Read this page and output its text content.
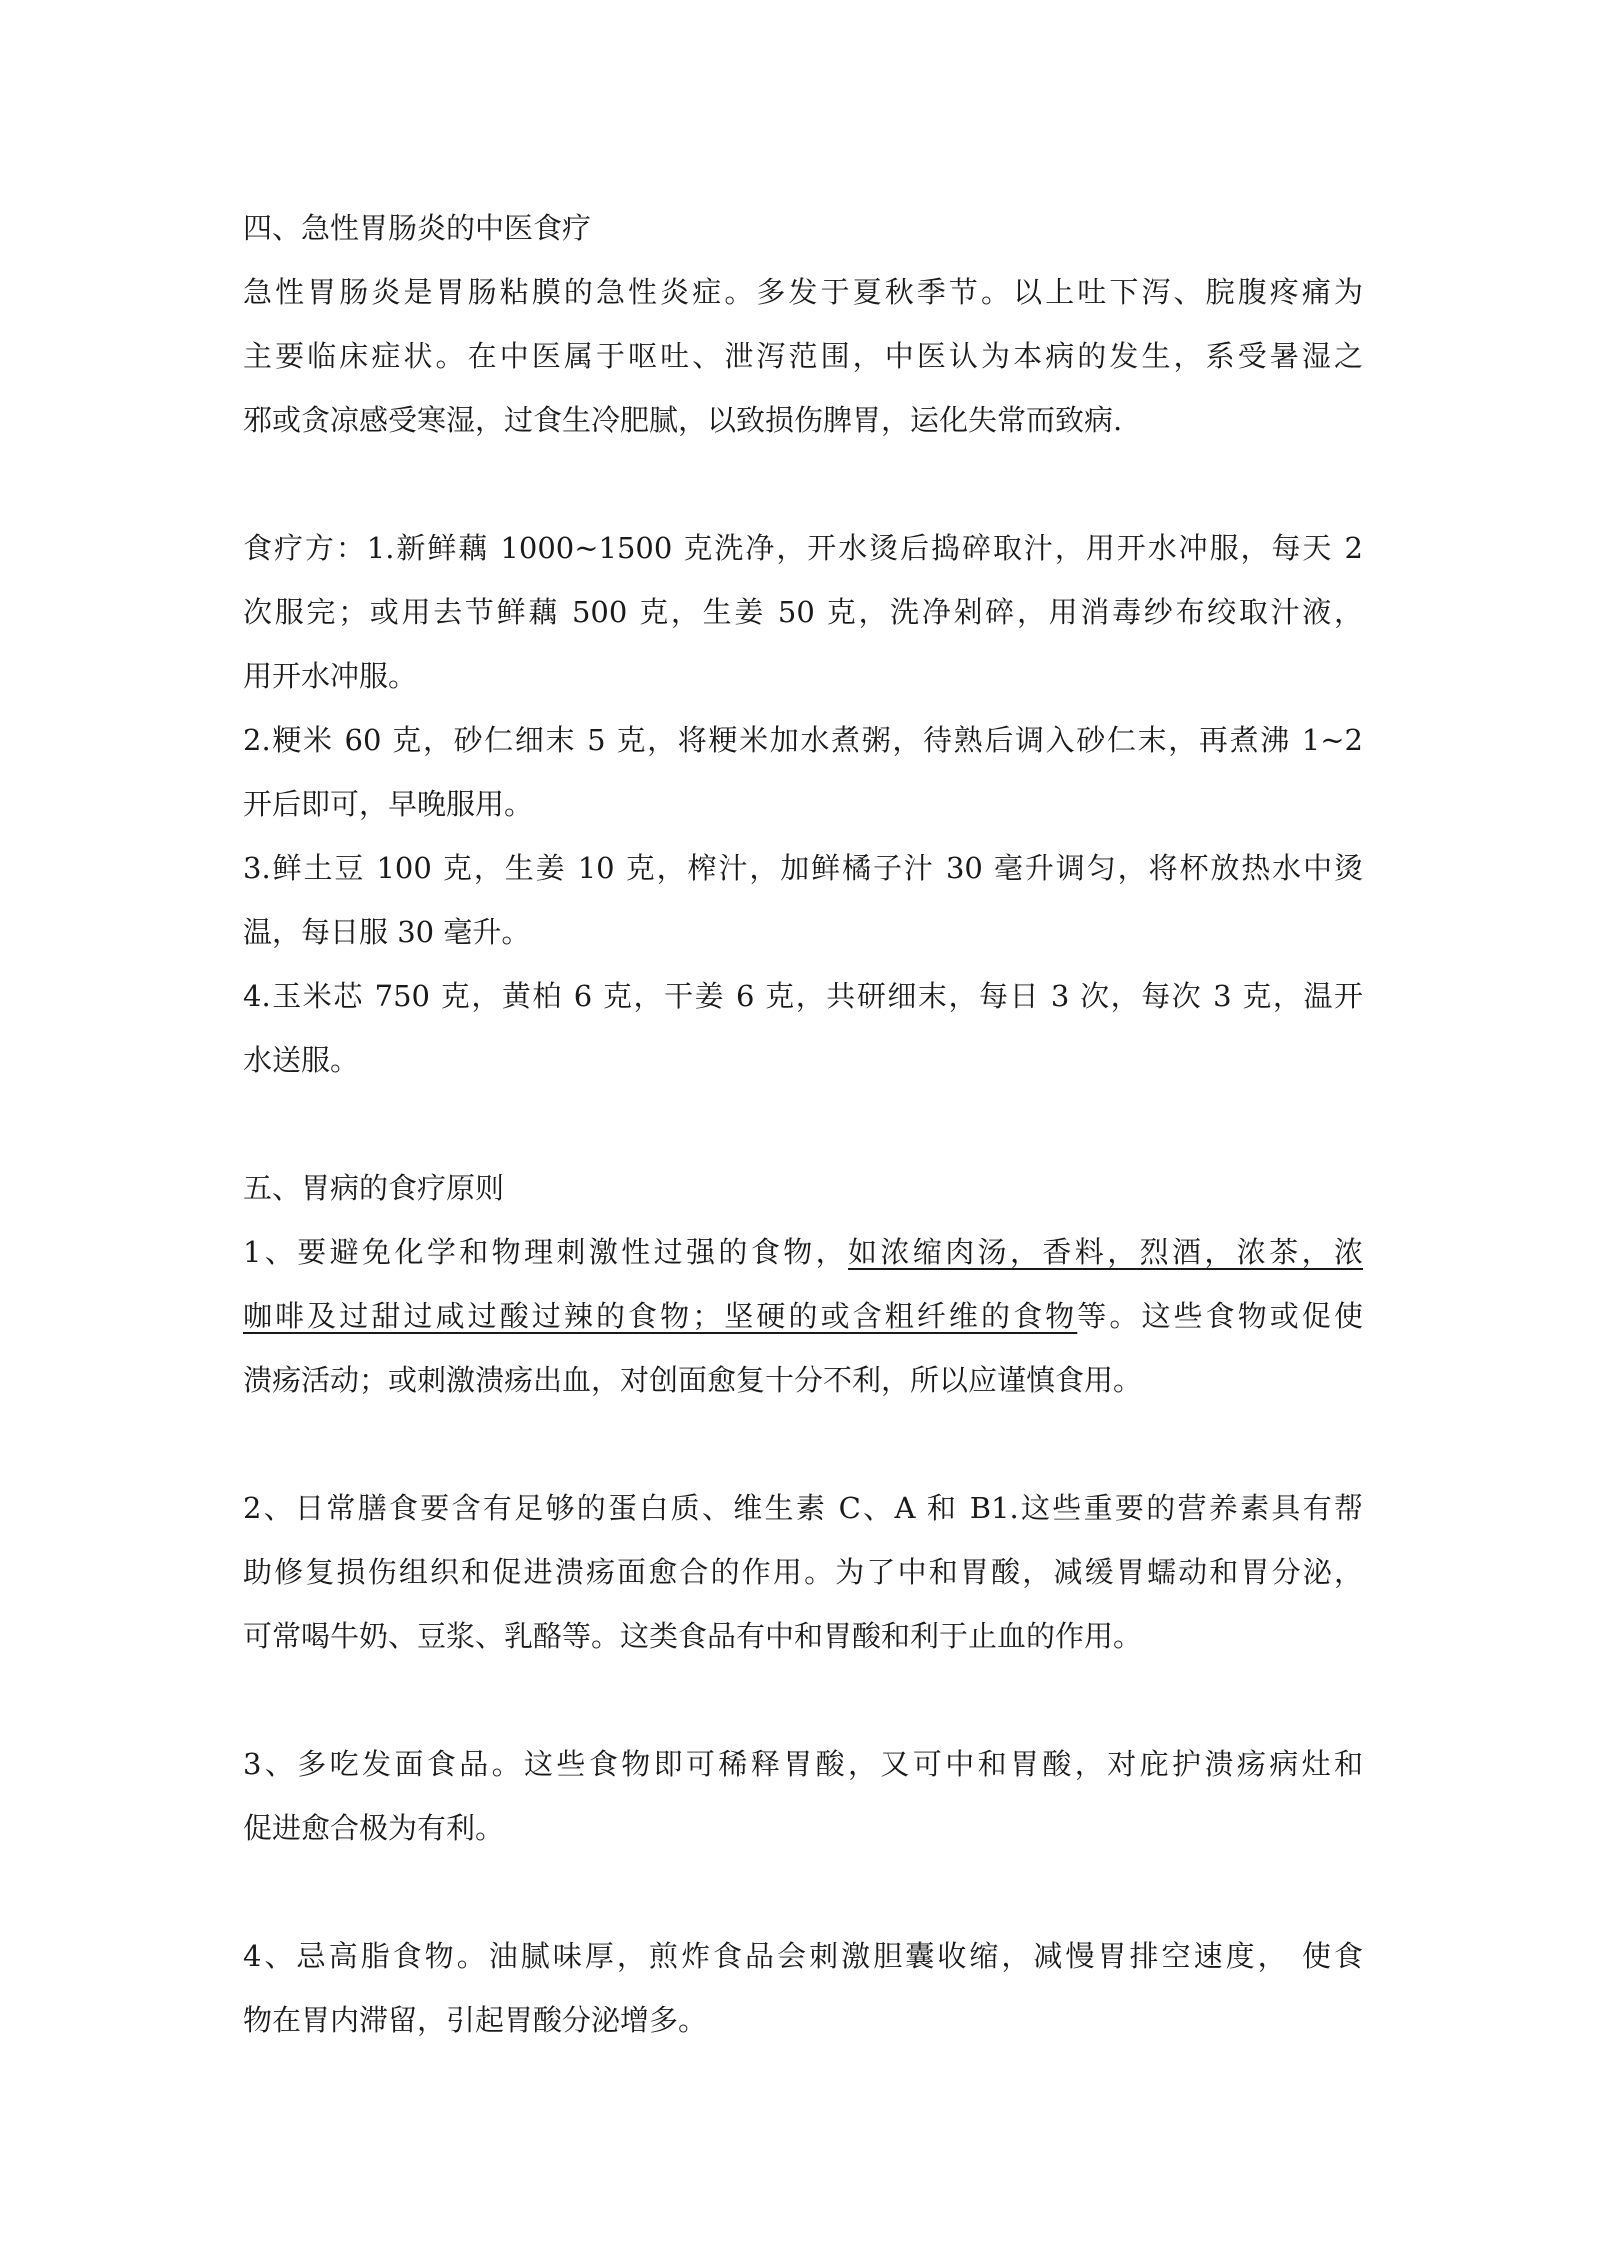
四、急性胃肠炎的中医食疗

急性胃肠炎是胃肠粘膜的急性炎症。多发于夏秋季节。以上吐下泻、脘腹疼痛为

主要临床症状。在中医属于呕吐、泄泻范围，中医认为本病的发生，系受暑湿之

邪或贪凉感受寒湿，过食生冷肥腻，以致损伤脾胃，运化失常而致病.

食疗方：1.新鲜藕 1000~1500 克洗净，开水烫后捣碎取汁，用开水冲服，每天 2

次服完；或用去节鲜藕 500 克，生姜 50 克，洗净剁碎，用消毒纱布绞取汁液，

用开水冲服。

2.粳米 60 克，砂仁细末 5 克，将粳米加水煮粥，待熟后调入砂仁末，再煮沸 1~2

开后即可，早晚服用。

3.鲜土豆 100 克，生姜 10 克，榨汁，加鲜橘子汁 30 毫升调匀，将杯放热水中烫

温，每日服 30 毫升。

4.玉米芯 750 克，黄柏 6 克，干姜 6 克，共研细末，每日 3 次，每次 3 克，温开

水送服。

五、胃病的食疗原则

1、要避免化学和物理刺激性过强的食物，如浓缩肉汤，香料，烈酒，浓茶，浓

咖啡及过甜过咸过酸过辣的食物；坚硬的或含粗纤维的食物等。这些食物或促使

溃疡活动；或刺激溃疡出血，对创面愈复十分不利，所以应谨慎食用。

2、日常膳食要含有足够的蛋白质、维生素 C、A 和 B1.这些重要的营养素具有帮

助修复损伤组织和促进溃疡面愈合的作用。为了中和胃酸，减缓胃蠕动和胃分泌，

可常喝牛奶、豆浆、乳酪等。这类食品有中和胃酸和利于止血的作用。

3、多吃发面食品。这些食物即可稀释胃酸，又可中和胃酸，对庇护溃疡病灶和

促进愈合极为有利。

4、忌高脂食物。油腻味厚，煎炸食品会刺激胆囊收缩，减慢胃排空速度， 使食

物在胃内滞留，引起胃酸分泌增多。
